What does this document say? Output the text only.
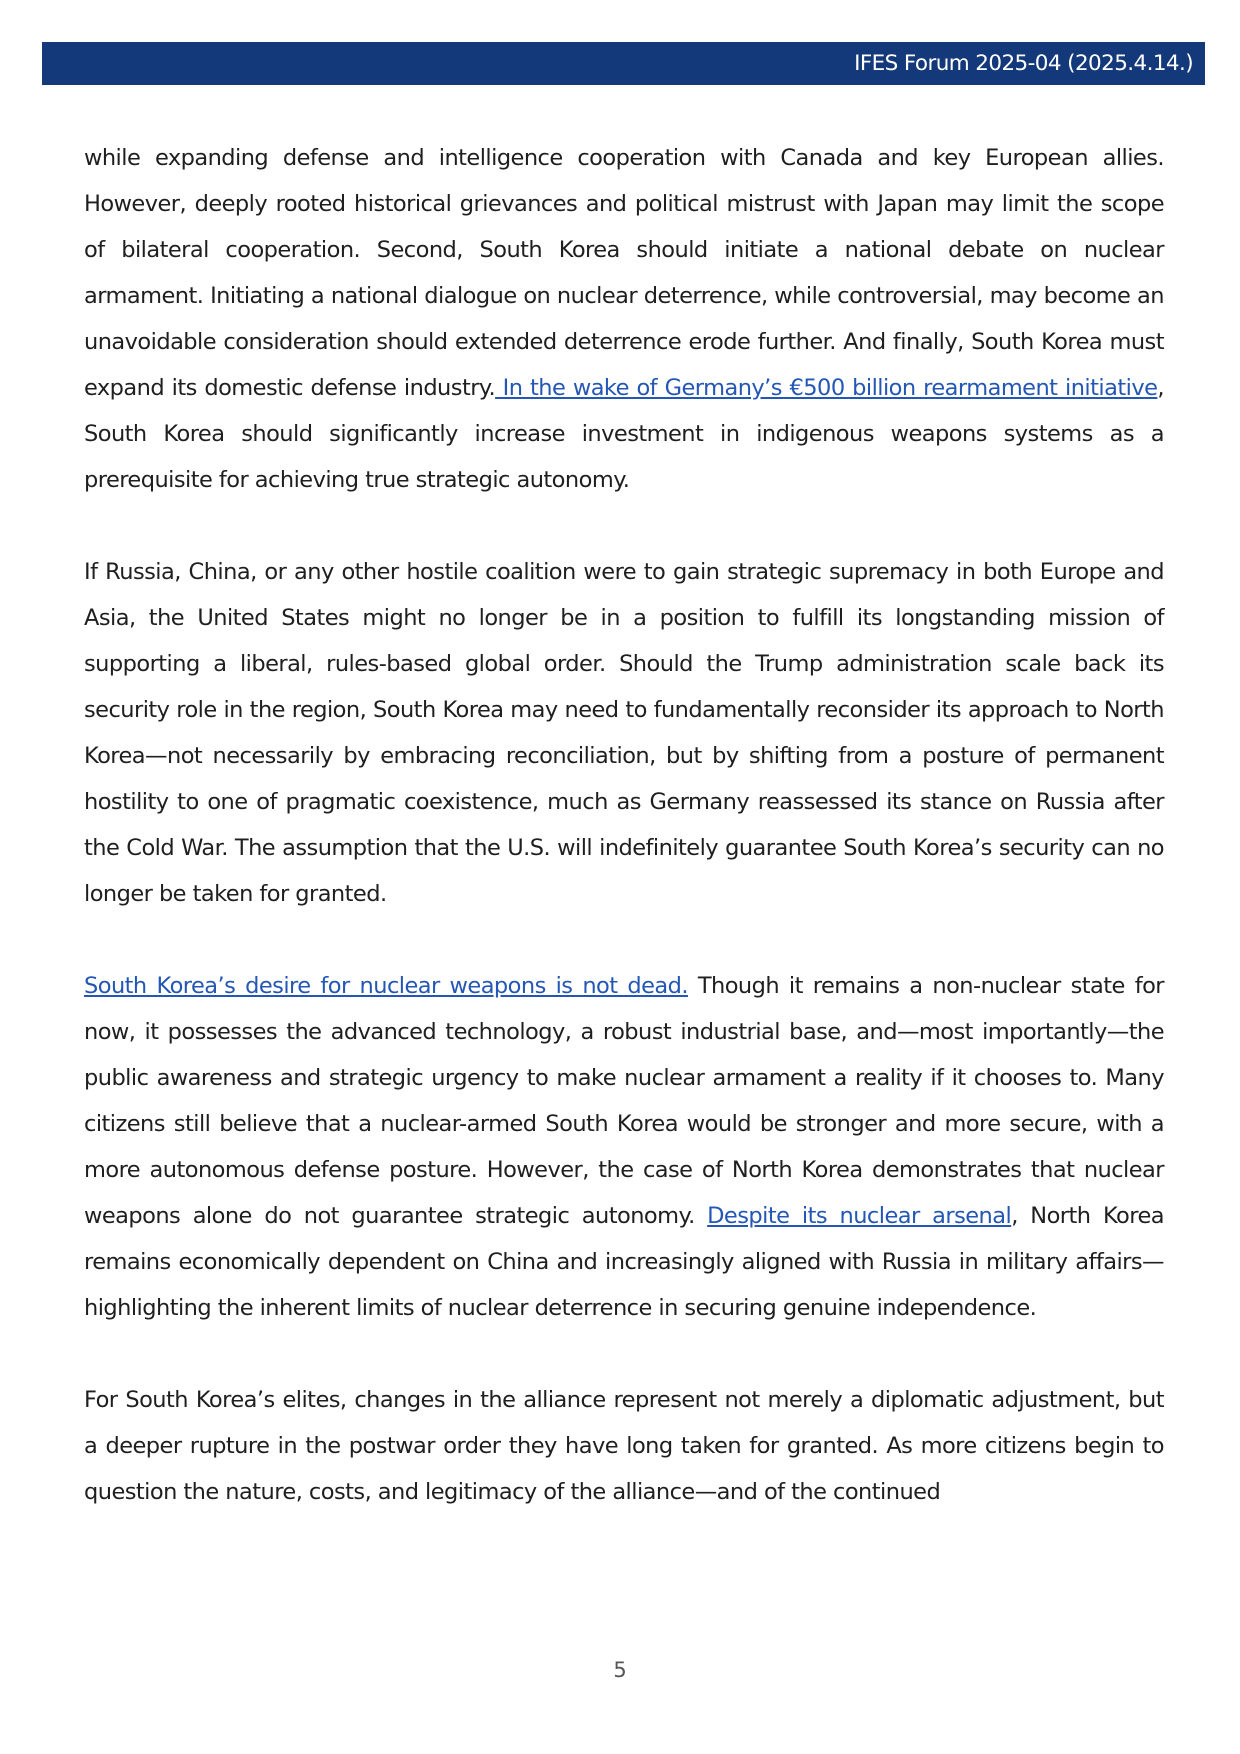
IFES Forum 2025-04 (2025.4.14.)

while expanding defense and intelligence cooperation with Canada and key European allies. However, deeply rooted historical grievances and political mistrust with Japan may limit the scope of bilateral cooperation. Second, South Korea should initiate a national debate on nuclear armament. Initiating a national dialogue on nuclear deterrence, while controversial, may become an unavoidable consideration should extended deterrence erode further. And finally, South Korea must expand its domestic defense industry. In the wake of Germany’s €500 billion rearmament initiative, South Korea should significantly increase investment in indigenous weapons systems as a prerequisite for achieving true strategic autonomy.

If Russia, China, or any other hostile coalition were to gain strategic supremacy in both Europe and Asia, the United States might no longer be in a position to fulfill its longstanding mission of supporting a liberal, rules-based global order. Should the Trump administration scale back its security role in the region, South Korea may need to fundamentally reconsider its approach to North Korea—not necessarily by embracing reconciliation, but by shifting from a posture of permanent hostility to one of pragmatic coexistence, much as Germany reassessed its stance on Russia after the Cold War. The assumption that the U.S. will indefinitely guarantee South Korea’s security can no longer be taken for granted.

South Korea’s desire for nuclear weapons is not dead. Though it remains a non-nuclear state for now, it possesses the advanced technology, a robust industrial base, and—most importantly—the public awareness and strategic urgency to make nuclear armament a reality if it chooses to. Many citizens still believe that a nuclear-armed South Korea would be stronger and more secure, with a more autonomous defense posture. However, the case of North Korea demonstrates that nuclear weapons alone do not guarantee strategic autonomy. Despite its nuclear arsenal, North Korea remains economically dependent on China and increasingly aligned with Russia in military affairs—highlighting the inherent limits of nuclear deterrence in securing genuine independence.

For South Korea’s elites, changes in the alliance represent not merely a diplomatic adjustment, but a deeper rupture in the postwar order they have long taken for granted. As more citizens begin to question the nature, costs, and legitimacy of the alliance—and of the continued

5
